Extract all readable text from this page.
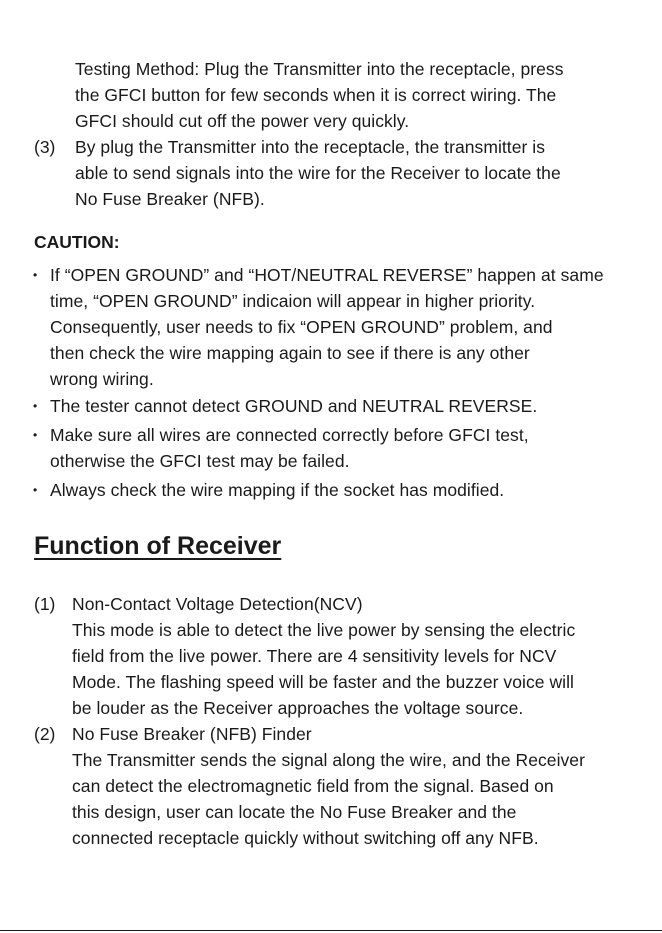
Testing Method: Plug the Transmitter into the receptacle, press
the GFCI button for few seconds when it is correct wiring. The
GFCI should cut off the power very quickly.
(3) By plug the Transmitter into the receptacle, the transmitter is
able to send signals into the wire for the Receiver to locate the
No Fuse Breaker (NFB).
CAUTION:
• If “OPEN GROUND” and “HOT/NEUTRAL REVERSE” happen at same
time, “OPEN GROUND” indicaion will appear in higher priority.
Consequently, user needs to fix “OPEN GROUND” problem, and
then check the wire mapping again to see if there is any other
wrong wiring.
• The tester cannot detect GROUND and NEUTRAL REVERSE.
• Make sure all wires are connected correctly before GFCI test,
otherwise the GFCI test may be failed.
• Always check the wire mapping if the socket has modified.
Function of Receiver
(1) Non-Contact Voltage Detection(NCV)
This mode is able to detect the live power by sensing the electric
field from the live power. There are 4 sensitivity levels for NCV
Mode. The flashing speed will be faster and the buzzer voice will
be louder as the Receiver approaches the voltage source.
(2) No Fuse Breaker (NFB) Finder
The Transmitter sends the signal along the wire, and the Receiver
can detect the electromagnetic field from the signal. Based on
this design, user can locate the No Fuse Breaker and the
connected receptacle quickly without switching off any NFB.
